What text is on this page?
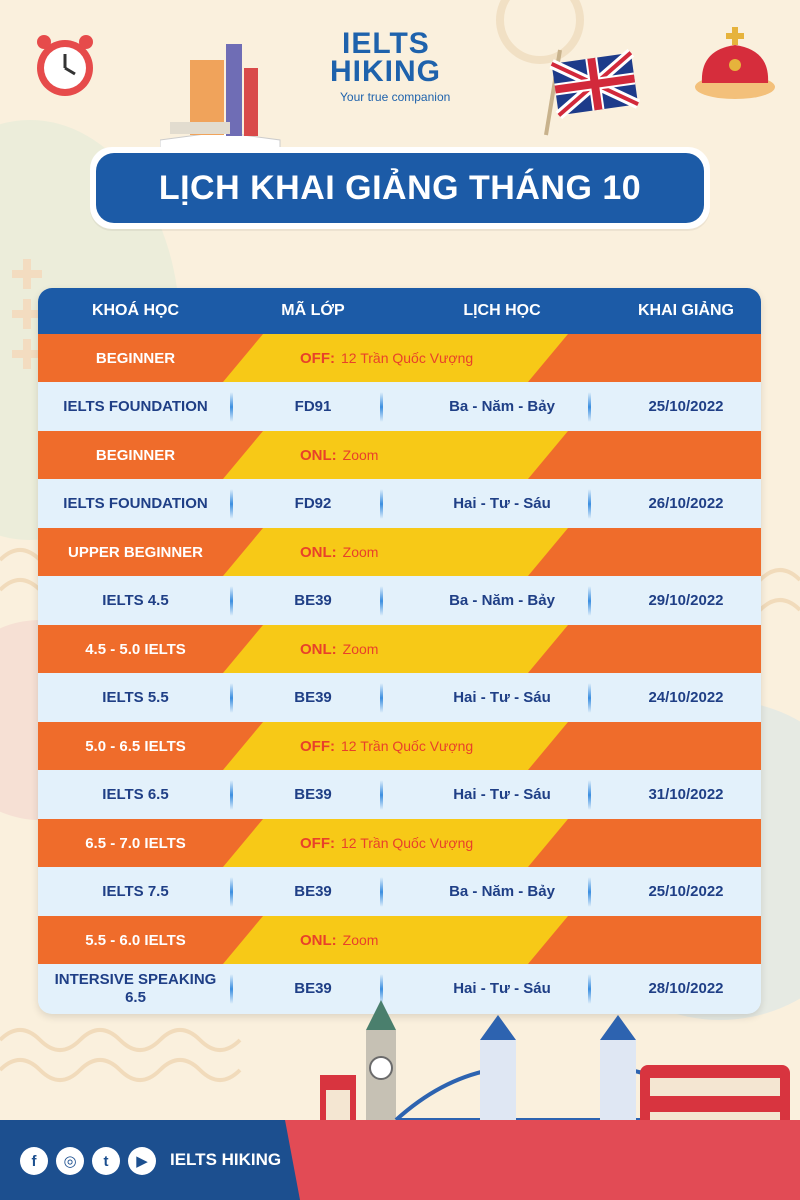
IELTS
HIKING
Your true companion
LỊCH KHAI GIẢNG THÁNG 10
KHOÁ HỌC	MÃ LỚP	LỊCH HỌC	KHAI GIẢNG
BEGINNER	OFF: 12 Trần Quốc Vượng
IELTS FOUNDATION	FD91	Ba - Năm - Bảy	25/10/2022
BEGINNER	ONL: Zoom
IELTS FOUNDATION	FD92	Hai - Tư - Sáu	26/10/2022
UPPER BEGINNER	ONL: Zoom
IELTS 4.5	BE39	Ba - Năm - Bảy	29/10/2022
4.5 - 5.0 IELTS	ONL: Zoom
IELTS 5.5	BE39	Hai - Tư - Sáu	24/10/2022
5.0 - 6.5 IELTS	OFF: 12 Trần Quốc Vượng
IELTS 6.5	BE39	Hai - Tư - Sáu	31/10/2022
6.5 - 7.0 IELTS	OFF: 12 Trần Quốc Vượng
IELTS 7.5	BE39	Ba - Năm - Bảy	25/10/2022
5.5 - 6.0 IELTS	ONL: Zoom
INTERSIVE SPEAKING 6.5	BE39	Hai - Tư - Sáu	28/10/2022
f	◎	t	▶	IELTS HIKING
